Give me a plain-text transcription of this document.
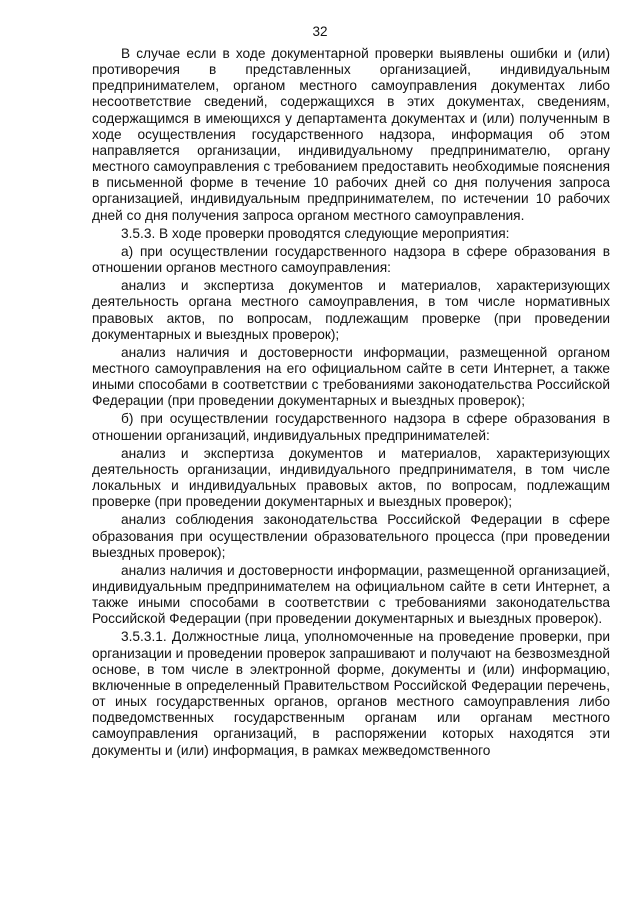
32

В случае если в ходе документарной проверки выявлены ошибки и (или) противоречия в представленных организацией, индивидуальным предпринимателем, органом местного самоуправления документах либо несоответствие сведений, содержащихся в этих документах, сведениям, содержащимся в имеющихся у департамента документах и (или) полученным в ходе осуществления государственного надзора, информация об этом направляется организации, индивидуальному предпринимателю, органу местного самоуправления с требованием предоставить необходимые пояснения в письменной форме в течение 10 рабочих дней со дня получения запроса организацией, индивидуальным предпринимателем, по истечении 10 рабочих дней со дня получения запроса органом местного самоуправления.

3.5.3. В ходе проверки проводятся следующие мероприятия:

а) при осуществлении государственного надзора в сфере образования в отношении органов местного самоуправления:

анализ и экспертиза документов и материалов, характеризующих деятельность органа местного самоуправления, в том числе нормативных правовых актов, по вопросам, подлежащим проверке (при проведении документарных и выездных проверок);

анализ наличия и достоверности информации, размещенной органом местного самоуправления на его официальном сайте в сети Интернет, а также иными способами в соответствии с требованиями законодательства Российской Федерации (при проведении документарных и выездных проверок);

б) при осуществлении государственного надзора в сфере образования в отношении организаций, индивидуальных предпринимателей:

анализ и экспертиза документов и материалов, характеризующих деятельность организации, индивидуального предпринимателя, в том числе локальных и индивидуальных правовых актов, по вопросам, подлежащим проверке (при проведении документарных и выездных проверок);

анализ соблюдения законодательства Российской Федерации в сфере образования при осуществлении образовательного процесса (при проведении выездных проверок);

анализ наличия и достоверности информации, размещенной организацией, индивидуальным предпринимателем на официальном сайте в сети Интернет, а также иными способами в соответствии с требованиями законодательства Российской Федерации (при проведении документарных и выездных проверок).

3.5.3.1. Должностные лица, уполномоченные на проведение проверки, при организации и проведении проверок запрашивают и получают на безвозмездной основе, в том числе в электронной форме, документы и (или) информацию, включенные в определенный Правительством Российской Федерации перечень, от иных государственных органов, органов местного самоуправления либо подведомственных государственным органам или органам местного самоуправления организаций, в распоряжении которых находятся эти документы и (или) информация, в рамках межведомственного
